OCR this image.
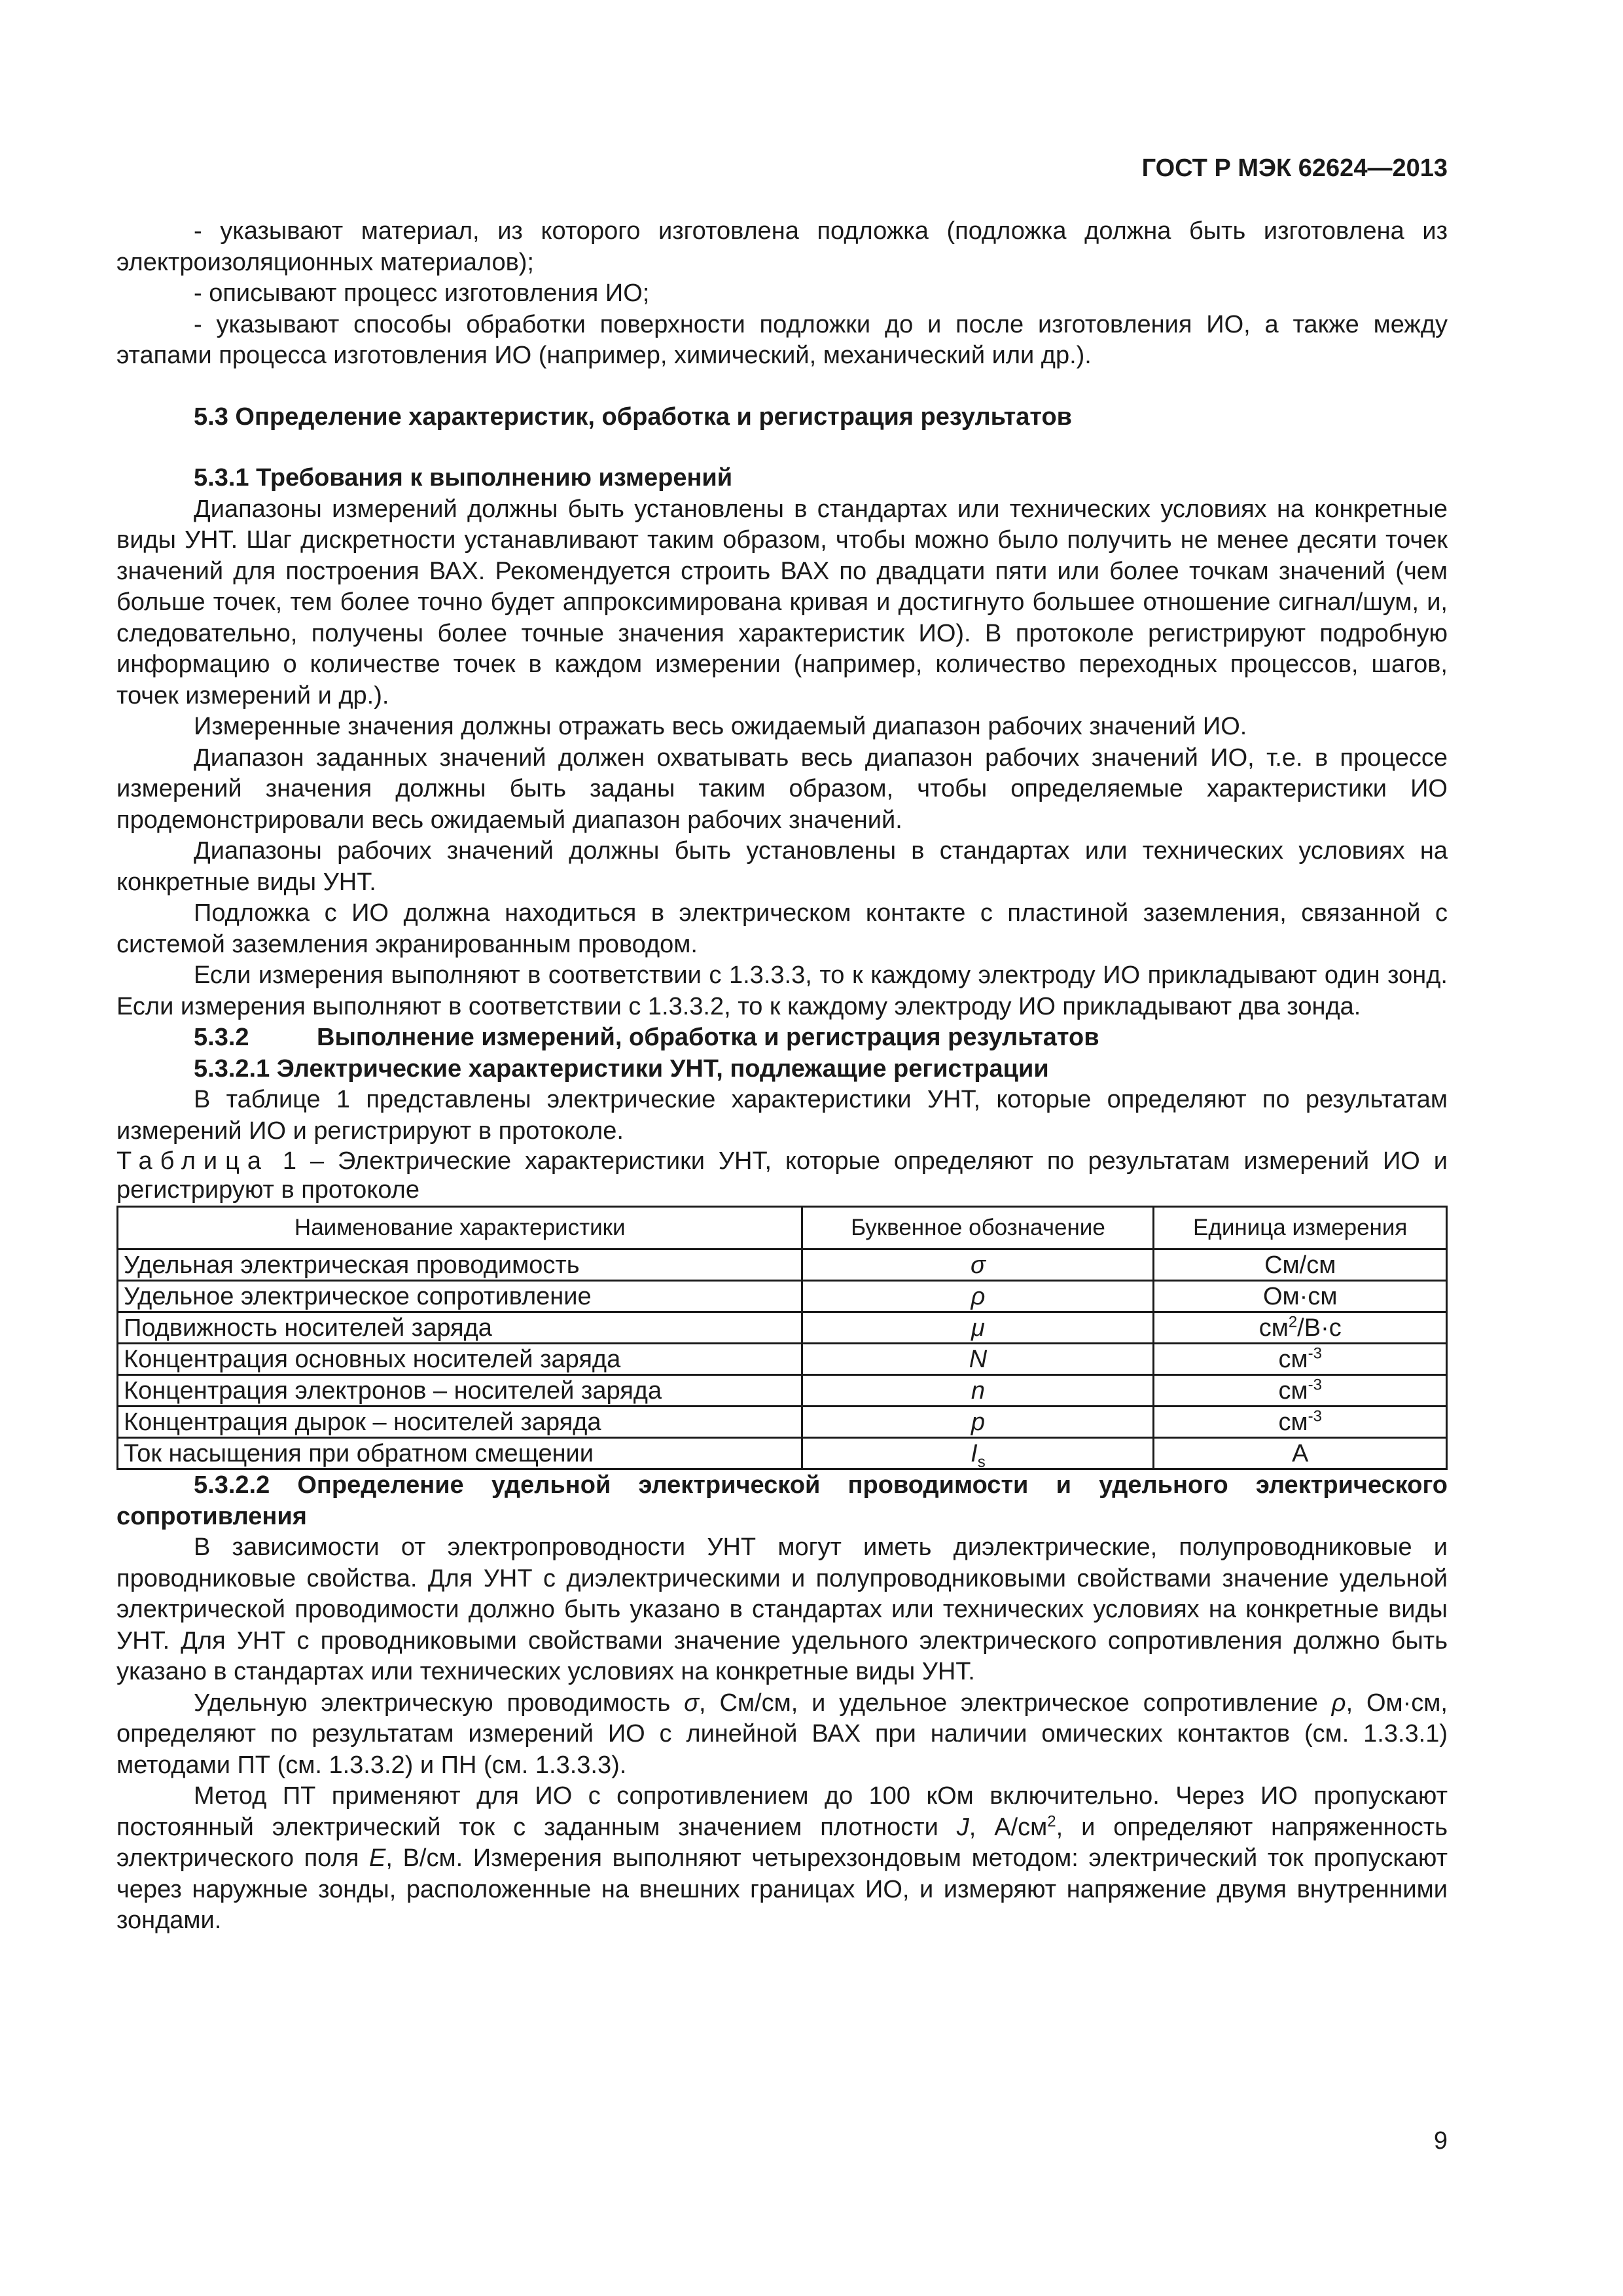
ГОСТ Р МЭК 62624—2013

- указывают материал, из которого изготовлена подложка (подложка должна быть изготовлена из электроизоляционных материалов);

- описывают процесс изготовления ИО;

- указывают способы обработки поверхности подложки до и после изготовления ИО, а также между этапами процесса изготовления ИО (например, химический, механический или др.).

5.3 Определение характеристик, обработка и регистрация результатов
5.3.1 Требования к выполнению измерений

Диапазоны измерений должны быть установлены в стандартах или технических условиях на конкретные виды УНТ. Шаг дискретности устанавливают таким образом, чтобы можно было получить не менее десяти точек значений для построения ВАХ. Рекомендуется строить ВАХ по двадцати пяти или более точкам значений (чем больше точек, тем более точно будет аппроксимирована кривая и достигнуто большее отношение сигнал/шум, и, следовательно, получены более точные значения характеристик ИО). В протоколе регистрируют подробную информацию о количестве точек в каждом измерении (например, количество переходных процессов, шагов, точек измерений и др.).

Измеренные значения должны отражать весь ожидаемый диапазон рабочих значений ИО.

Диапазон заданных значений должен охватывать весь диапазон рабочих значений ИО, т.е. в процессе измерений значения должны быть заданы таким образом, чтобы определяемые характеристики ИО продемонстрировали весь ожидаемый диапазон рабочих значений.

Диапазоны рабочих значений должны быть установлены в стандартах или технических условиях на конкретные виды УНТ.

Подложка с ИО должна находиться в электрическом контакте с пластиной заземления, связанной с системой заземления экранированным проводом.

Если измерения выполняют в соответствии с 1.3.3.3, то к каждому электроду ИО прикладывают один зонд. Если измерения выполняют в соответствии с 1.3.3.2, то к каждому электроду ИО прикладывают два зонда.

5.3.2	Выполнение измерений, обработка и регистрация результатов
5.3.2.1 Электрические характеристики УНТ, подлежащие регистрации

В таблице 1 представлены электрические характеристики УНТ, которые определяют по результатам измерений ИО и регистрируют в протоколе.

Таблица 1 – Электрические характеристики УНТ, которые определяют по результатам измерений ИО и регистрируют в протоколе

Наименование характеристики	Буквенное обозначение	Единица измерения
Удельная электрическая проводимость	σ	См/см
Удельное электрическое сопротивление	ρ	Ом·см
Подвижность носителей заряда	μ	$см^2/В\cdot с$
Концентрация основных носителей заряда	N	$см^{-3}$
Концентрация электронов – носителей заряда	n	$см^{-3}$
Концентрация дырок – носителей заряда	p	$см^{-3}$
Ток насыщения при обратном смещении	$I_s$	A

5.3.2.2 Определение удельной электрической проводимости и удельного электрического сопротивления

В зависимости от электропроводности УНТ могут иметь диэлектрические, полупроводниковые и проводниковые свойства. Для УНТ с диэлектрическими и полупроводниковыми свойствами значение удельной электрической проводимости должно быть указано в стандартах или технических условиях на конкретные виды УНТ. Для УНТ с проводниковыми свойствами значение удельного электрического сопротивления должно быть указано в стандартах или технических условиях на конкретные виды УНТ.

Удельную электрическую проводимость σ, См/см, и удельное электрическое сопротивление ρ, Ом·см, определяют по результатам измерений ИО с линейной ВАХ при наличии омических контактов (см. 1.3.3.1) методами ПТ (см. 1.3.3.2) и ПН (см. 1.3.3.3).

Метод ПТ применяют для ИО с сопротивлением до 100 кОм включительно. Через ИО пропускают постоянный электрический ток с заданным значением плотности J, $А/см^2$, и определяют напряженность электрического поля E, В/см. Измерения выполняют четырехзондовым методом: электрический ток пропускают через наружные зонды, расположенные на внешних границах ИО, и измеряют напряжение двумя внутренними зондами.

9
